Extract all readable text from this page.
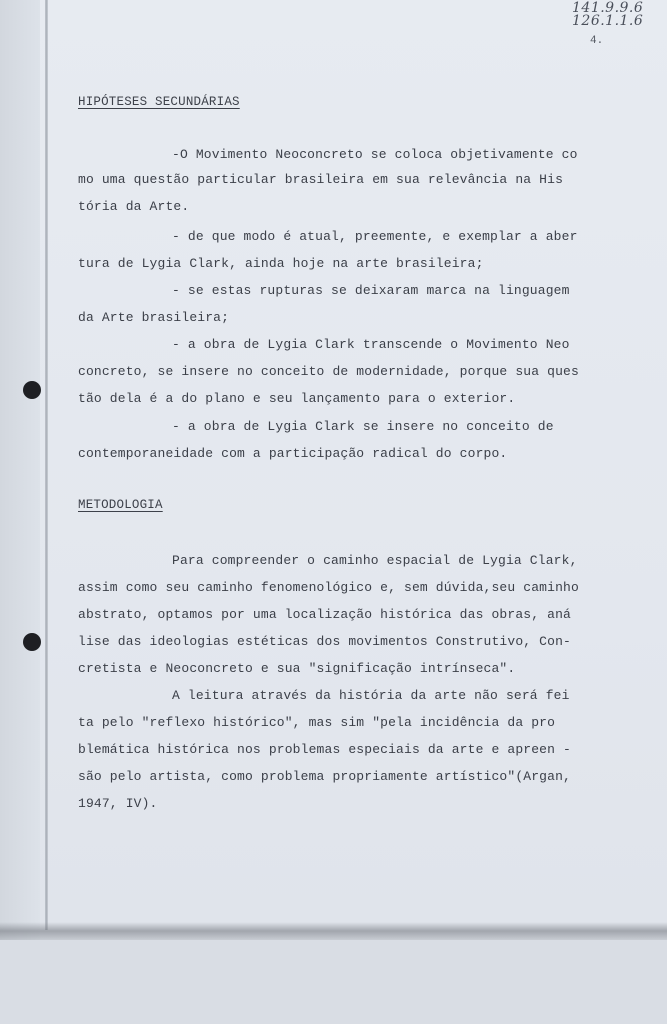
141.9.9.6
126.1.1.6
4.
HIPÓTESES SECUNDÁRIAS
-O Movimento Neoconcreto se coloca objetivamente co
mo uma questão particular brasileira em sua relevância na His
tória da Arte.
- de que modo é atual, preemente, e exemplar a aber
tura de Lygia Clark, ainda hoje na arte brasileira;
- se estas rupturas se deixaram marca na linguagem
da Arte brasileira;
- a obra de Lygia Clark transcende o Movimento Neo
concreto, se insere no conceito de modernidade, porque sua ques
tão dela é a do plano e seu lançamento para o exterior.
- a obra de Lygia Clark se insere no conceito de
contemporaneidade com a participação radical do corpo.
METODOLOGIA
Para compreender o caminho espacial de Lygia Clark,
assim como seu caminho fenomenológico e, sem dúvida,seu caminho
abstrato, optamos por uma localização histórica das obras, aná
lise das ideologias estéticas dos movimentos Construtivo, Con-
cretista e Neoconcreto e sua "significação intrínseca".
A leitura através da história da arte não será fei
ta pelo "reflexo histórico", mas sim "pela incidência da pro
blemática histórica nos problemas especiais da arte e apreen -
são pelo artista, como problema propriamente artístico"(Argan,
1947, IV).
